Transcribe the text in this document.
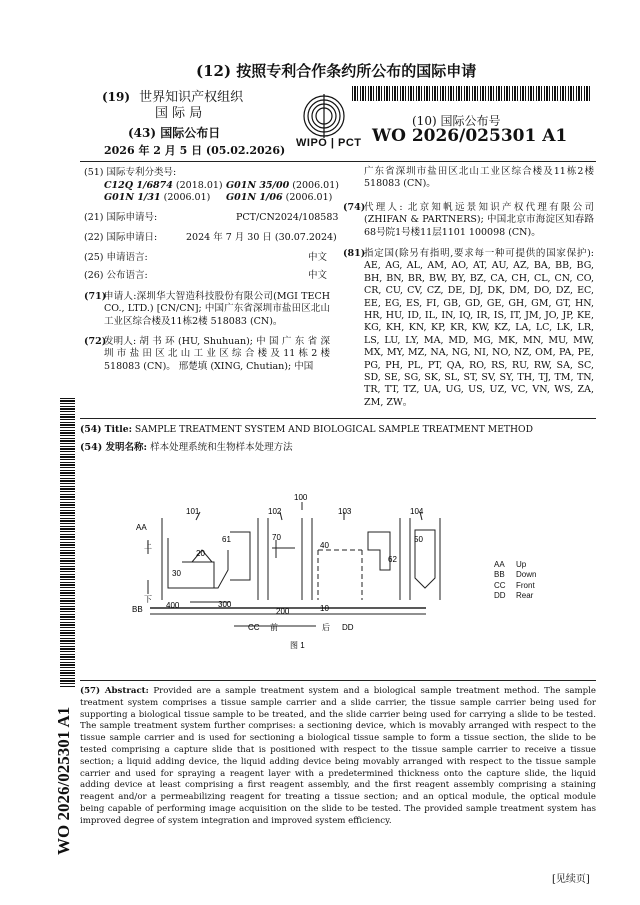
(12) 按照专利合作条约所公布的国际申请
(19) 世界知识产权组织
国 际 局
(43) 国际公布日
2026 年 2 月 5 日 (05.02.2026)
WIPO | PCT
(10) 国际公布号
WO 2026/025301 A1
(51) 国际专利分类号:
C12Q 1/6874 (2018.01) G01N 35/00 (2006.01)
G01N 1/31 (2006.01) G01N 1/06 (2006.01)
(21) 国际申请号:	PCT/CN2024/108583
(22) 国际申请日:	2024 年 7 月 30 日 (30.07.2024)
(25) 申请语言:	中文
(26) 公布语言:	中文
(71)
申请人:深圳华大智造科技股份有限公司(MGI TECH CO., LTD.) [CN/CN]; 中国广东省深圳市盐田区北山工业区综合楼及11栋2楼 518083 (CN)。
(72)
发明人: 胡 书 环 (HU, Shuhuan); 中 国 广 东 省 深 圳 市 盐 田 区 北 山 工 业 区 综 合 楼 及 11 栋 2 楼 518083 (CN)。 邢楚填 (XING, Chutian); 中国
广东省深圳市盐田区北山工业区综合楼及11栋2楼 518083 (CN)。
(74)
代理人: 北京知帆远景知识产权代理有限公司 (ZHIFAN & PARTNERS); 中国北京市海淀区知春路68号院1号楼11层1101 100098 (CN)。
(81)
指定国(除另有指明,要求每一种可提供的国家保护): AE, AG, AL, AM, AO, AT, AU, AZ, BA, BB, BG, BH, BN, BR, BW, BY, BZ, CA, CH, CL, CN, CO, CR, CU, CV, CZ, DE, DJ, DK, DM, DO, DZ, EC, EE, EG, ES, FI, GB, GD, GE, GH, GM, GT, HN, HR, HU, ID, IL, IN, IQ, IR, IS, IT, JM, JO, JP, KE, KG, KH, KN, KP, KR, KW, KZ, LA, LC, LK, LR, LS, LU, LY, MA, MD, MG, MK, MN, MU, MW, MX, MY, MZ, NA, NG, NI, NO, NZ, OM, PA, PE, PG, PH, PL, PT, QA, RO, RS, RU, RW, SA, SC, SD, SE, SG, SK, SL, ST, SV, SY, TH, TJ, TM, TN, TR, TT, TZ, UA, UG, US, UZ, VC, VN, WS, ZA, ZM, ZW。
(54) Title: SAMPLE TREATMENT SYSTEM AND BIOLOGICAL SAMPLE TREATMENT METHOD
(54) 发明名称: 样本处理系统和生物样本处理方法
100
101	102	103	104
61
20
30
70
40
62
50
400	300
200	10
AA
上
下
BB
CC 前	后 DD
图 1
AA Up
BB Down
CC Front
DD Rear
(57) Abstract: Provided are a sample treatment system and a biological sample treatment method. The sample treatment system comprises a tissue sample carrier and a slide carrier, the tissue sample carrier being used for supporting a biological tissue sample to be treated, and the slide carrier being used for carrying a slide to be tested. The sample treatment system further comprises: a sectioning device, which is movably arranged with respect to the tissue sample carrier and is used for sectioning a biological tissue sample to form a tissue section, the slide to be tested comprising a capture slide that is positioned with respect to the tissue sample carrier to receive a tissue section; a liquid adding device, the liquid adding device being movably arranged with respect to the tissue sample carrier and used for spraying a reagent layer with a predetermined thickness onto the capture slide, the liquid adding device at least comprising a first reagent assembly, and the first reagent assembly comprising a staining reagent and/or a permeabilizing reagent for treating a tissue section; and an optical module, the optical module being capable of performing image acquisition on the slide to be tested. The provided sample treatment system has improved degree of system integration and improved system efficiency.
WO 2026/025301 A1
[见续页]
